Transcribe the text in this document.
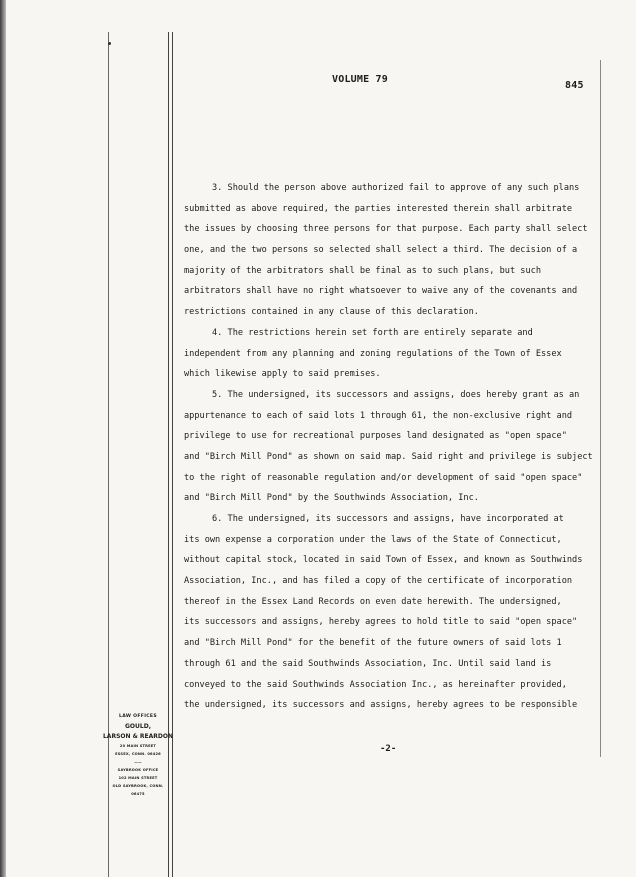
VOLUME 79
845
3. Should the person above authorized fail to approve of any such plans
submitted as above required, the parties interested therein shall arbitrate
the issues by choosing three persons for that purpose. Each party shall select
one, and the two persons so selected shall select a third. The decision of a
majority of the arbitrators shall be final as to such plans, but such
arbitrators shall have no right whatsoever to waive any of the covenants and
restrictions contained in any clause of this declaration.
4. The restrictions herein set forth are entirely separate and
independent from any planning and zoning regulations of the Town of Essex
which likewise apply to said premises.
5. The undersigned, its successors and assigns, does hereby grant as an
appurtenance to each of said lots 1 through 61, the non-exclusive right and
privilege to use for recreational purposes land designated as "open space"
and "Birch Mill Pond" as shown on said map. Said right and privilege is subject
to the right of reasonable regulation and/or development of said "open space"
and "Birch Mill Pond" by the Southwinds Association, Inc.
6. The undersigned, its successors and assigns, have incorporated at
its own expense a corporation under the laws of the State of Connecticut,
without capital stock, located in said Town of Essex, and known as Southwinds
Association, Inc., and has filed a copy of the certificate of incorporation
thereof in the Essex Land Records on even date herewith. The undersigned,
its successors and assigns, hereby agrees to hold title to said "open space"
and "Birch Mill Pond" for the benefit of the future owners of said lots 1
through 61 and the said Southwinds Association, Inc. Until said land is
conveyed to the said Southwinds Association Inc., as hereinafter provided,
the undersigned, its successors and assigns, hereby agrees to be responsible
-2-
LAW OFFICES
GOULD,
LARSON & REARDON
20 MAIN STREET
ESSEX, CONN. 06426
——
SAYBROOK OFFICE
102 MAIN STREET
OLD SAYBROOK, CONN.
06475
